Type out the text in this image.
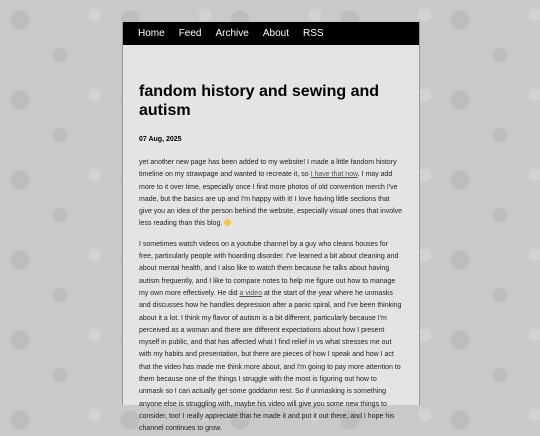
Home Feed Archive About RSS
fandom history and sewing and autism
07 Aug, 2025

yet another new page has been added to my website! I made a little fandom history timeline on my strawpage and wanted to recreate it, so I have that now. I may add more to it over time, especially once I find more photos of old convention merch I've made, but the basics are up and I'm happy with it! I love having little sections that give you an idea of the person behind the website, especially visual ones that involve less reading than this blog.

I sometimes watch videos on a youtube channel by a guy who cleans houses for free, particularly people with hoarding disorder. I've learned a bit about cleaning and about mental health, and I also like to watch them because he talks about having autism frequently, and I like to compare notes to help me figure out how to manage my own more effectively. He did a video at the start of the year where he unmasks and discusses how he handles depression after a panic spiral, and I've been thinking about it a lot. I think my flavor of autism is a bit different, particularly because I'm perceived as a woman and there are different expectations about how I present myself in public, and that has affected what I find relief in vs what stresses me out with my habits and presentation, but there are pieces of how I speak and how I act that the video has made me think more about, and I'm going to pay more attention to them because one of the things I struggle with the most is figuring out how to unmask so I can actually get some goddamn rest. So if unmasking is something anyone else is struggling with, maybe his video will give you some new things to consider, too! I really appreciate that he made it and put it out there, and I hope his channel continues to grow.
